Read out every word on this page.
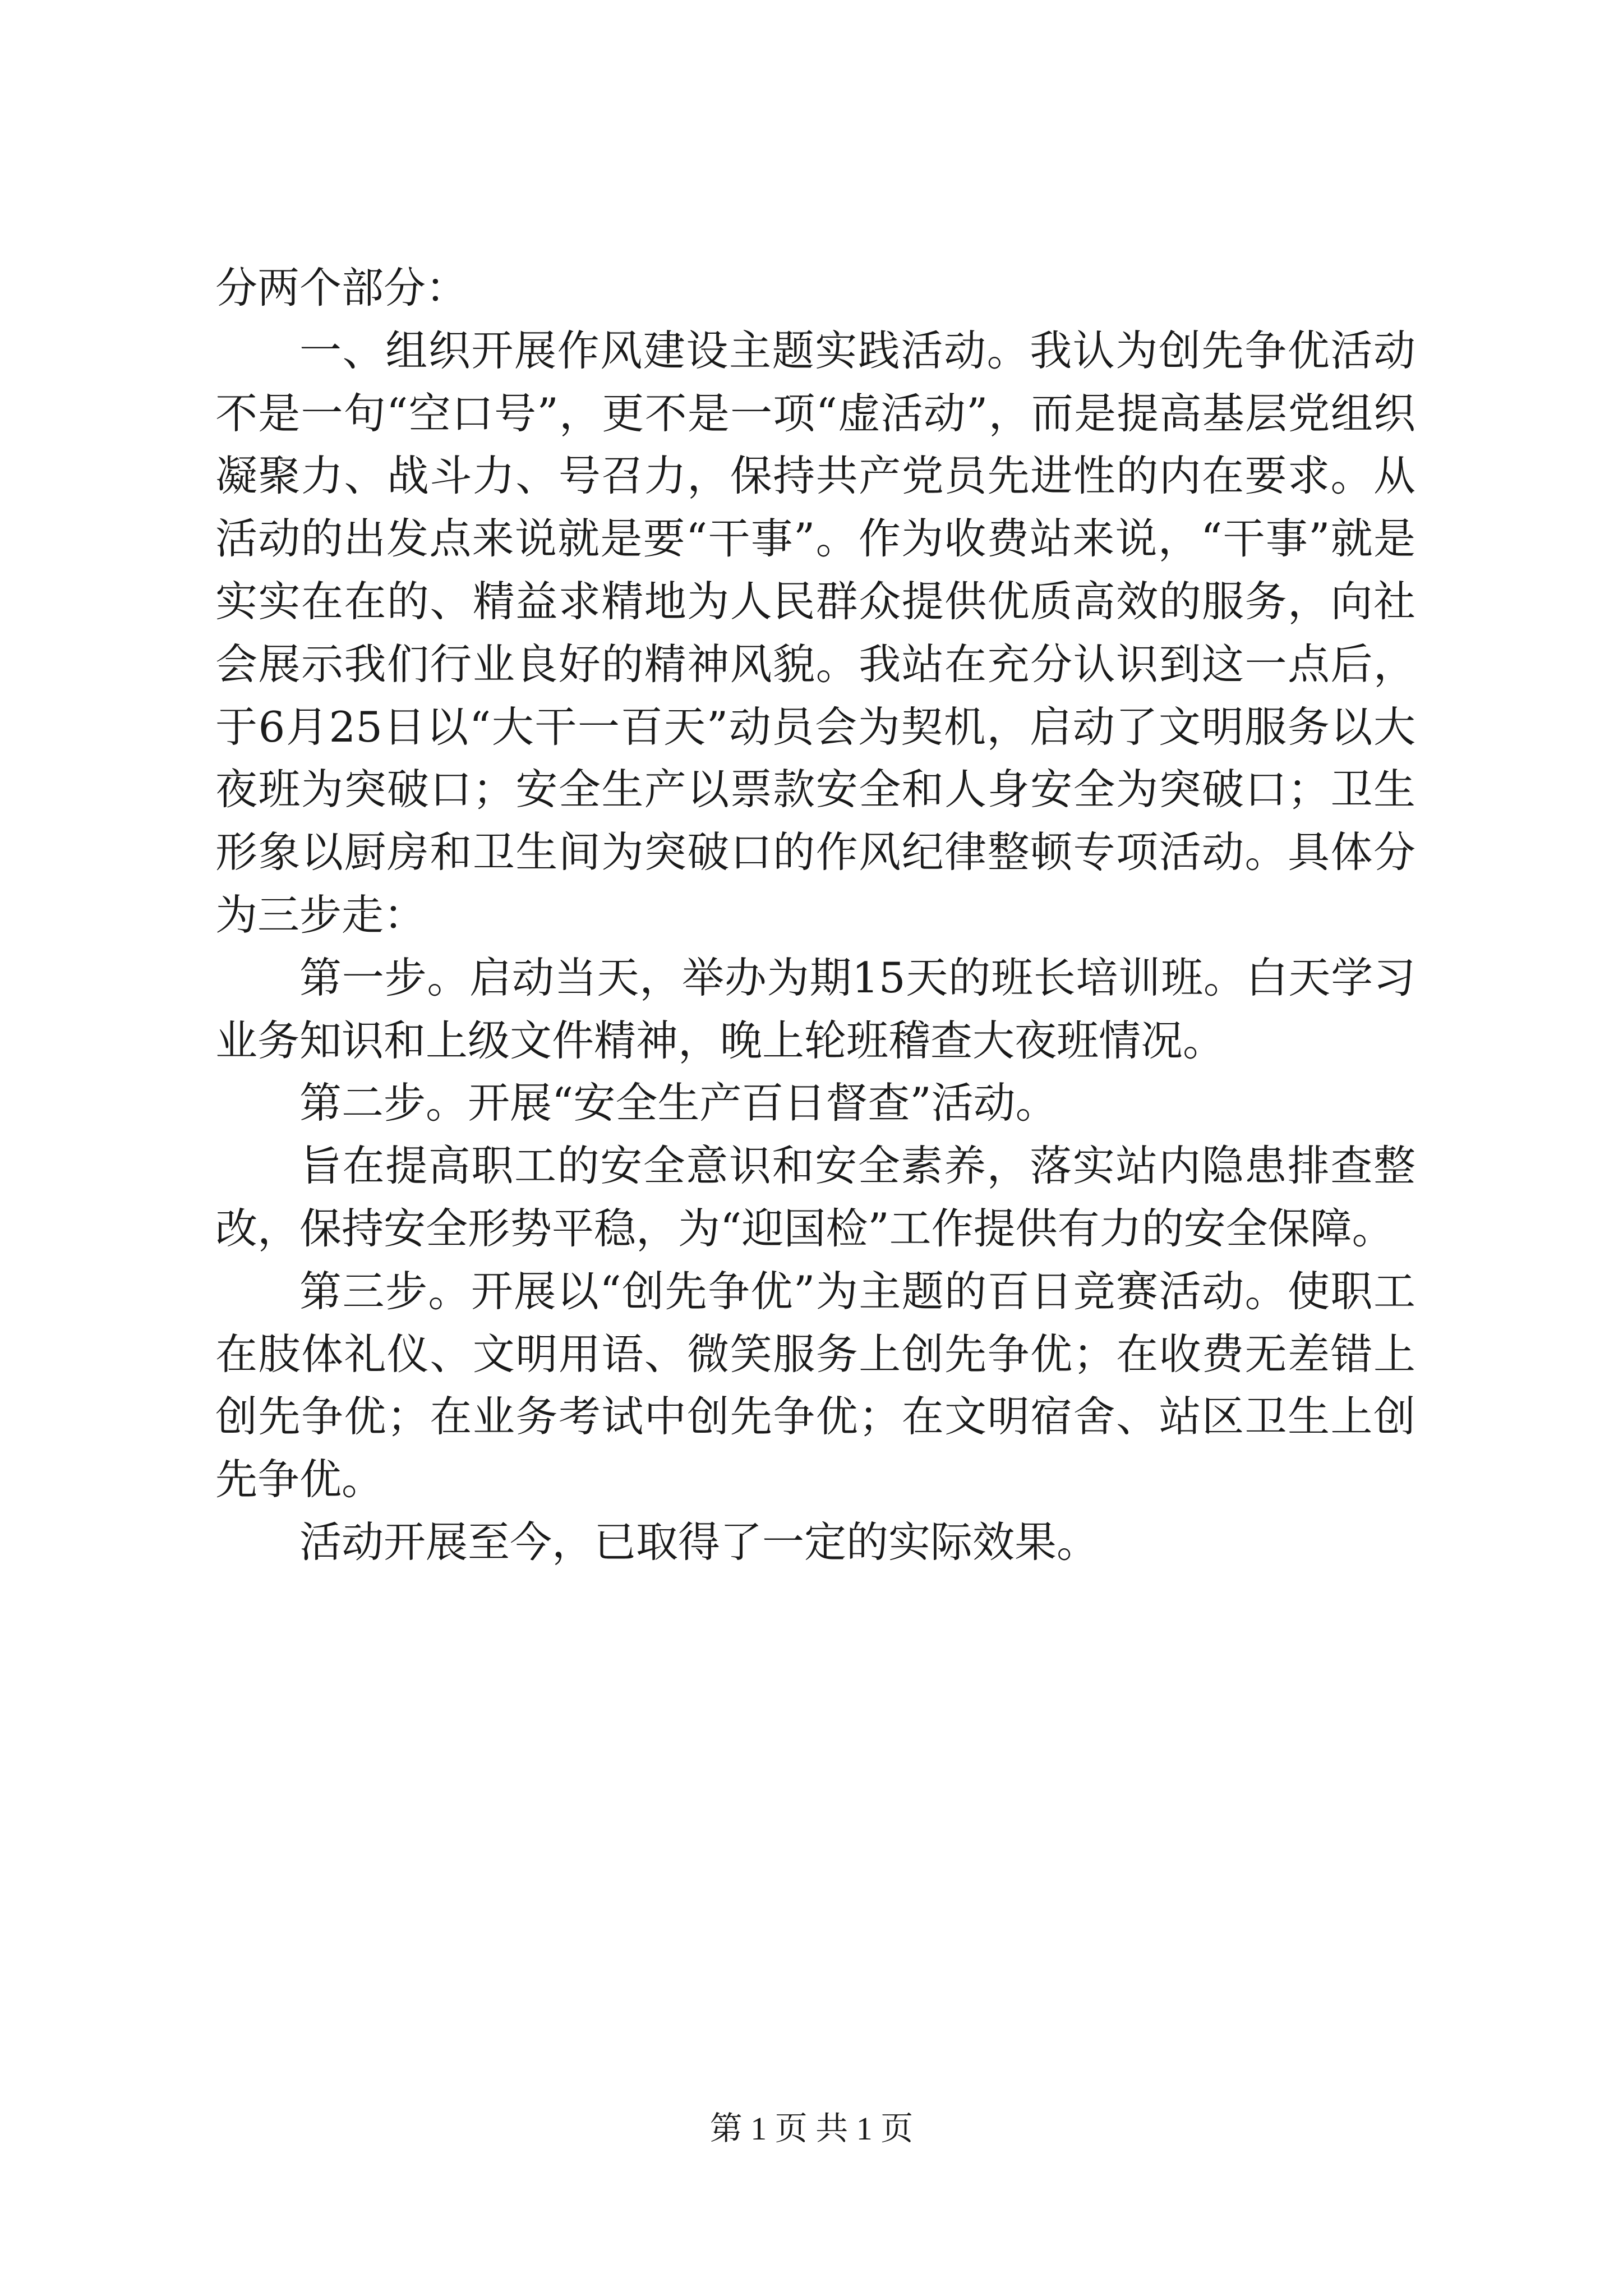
分两个部分：

一、组织开展作风建设主题实践活动。我认为创先争优活动不是一句“空口号”，更不是一项“虚活动”，而是提高基层党组织凝聚力、战斗力、号召力，保持共产党员先进性的内在要求。从活动的出发点来说就是要“干事”。作为收费站来说，“干事”就是实实在在的、精益求精地为人民群众提供优质高效的服务，向社会展示我们行业良好的精神风貌。我站在充分认识到这一点后，于6月25日以“大干一百天”动员会为契机，启动了文明服务以大夜班为突破口；安全生产以票款安全和人身安全为突破口；卫生形象以厨房和卫生间为突破口的作风纪律整顿专项活动。具体分为三步走：

第一步。启动当天，举办为期15天的班长培训班。白天学习业务知识和上级文件精神，晚上轮班稽查大夜班情况。

第二步。开展“安全生产百日督查”活动。

旨在提高职工的安全意识和安全素养，落实站内隐患排查整改，保持安全形势平稳，为“迎国检”工作提供有力的安全保障。

第三步。开展以“创先争优”为主题的百日竞赛活动。使职工在肢体礼仪、文明用语、微笑服务上创先争优；在收费无差错上创先争优；在业务考试中创先争优；在文明宿舍、站区卫生上创先争优。

活动开展至今，已取得了一定的实际效果。

第 1 页 共 1 页
